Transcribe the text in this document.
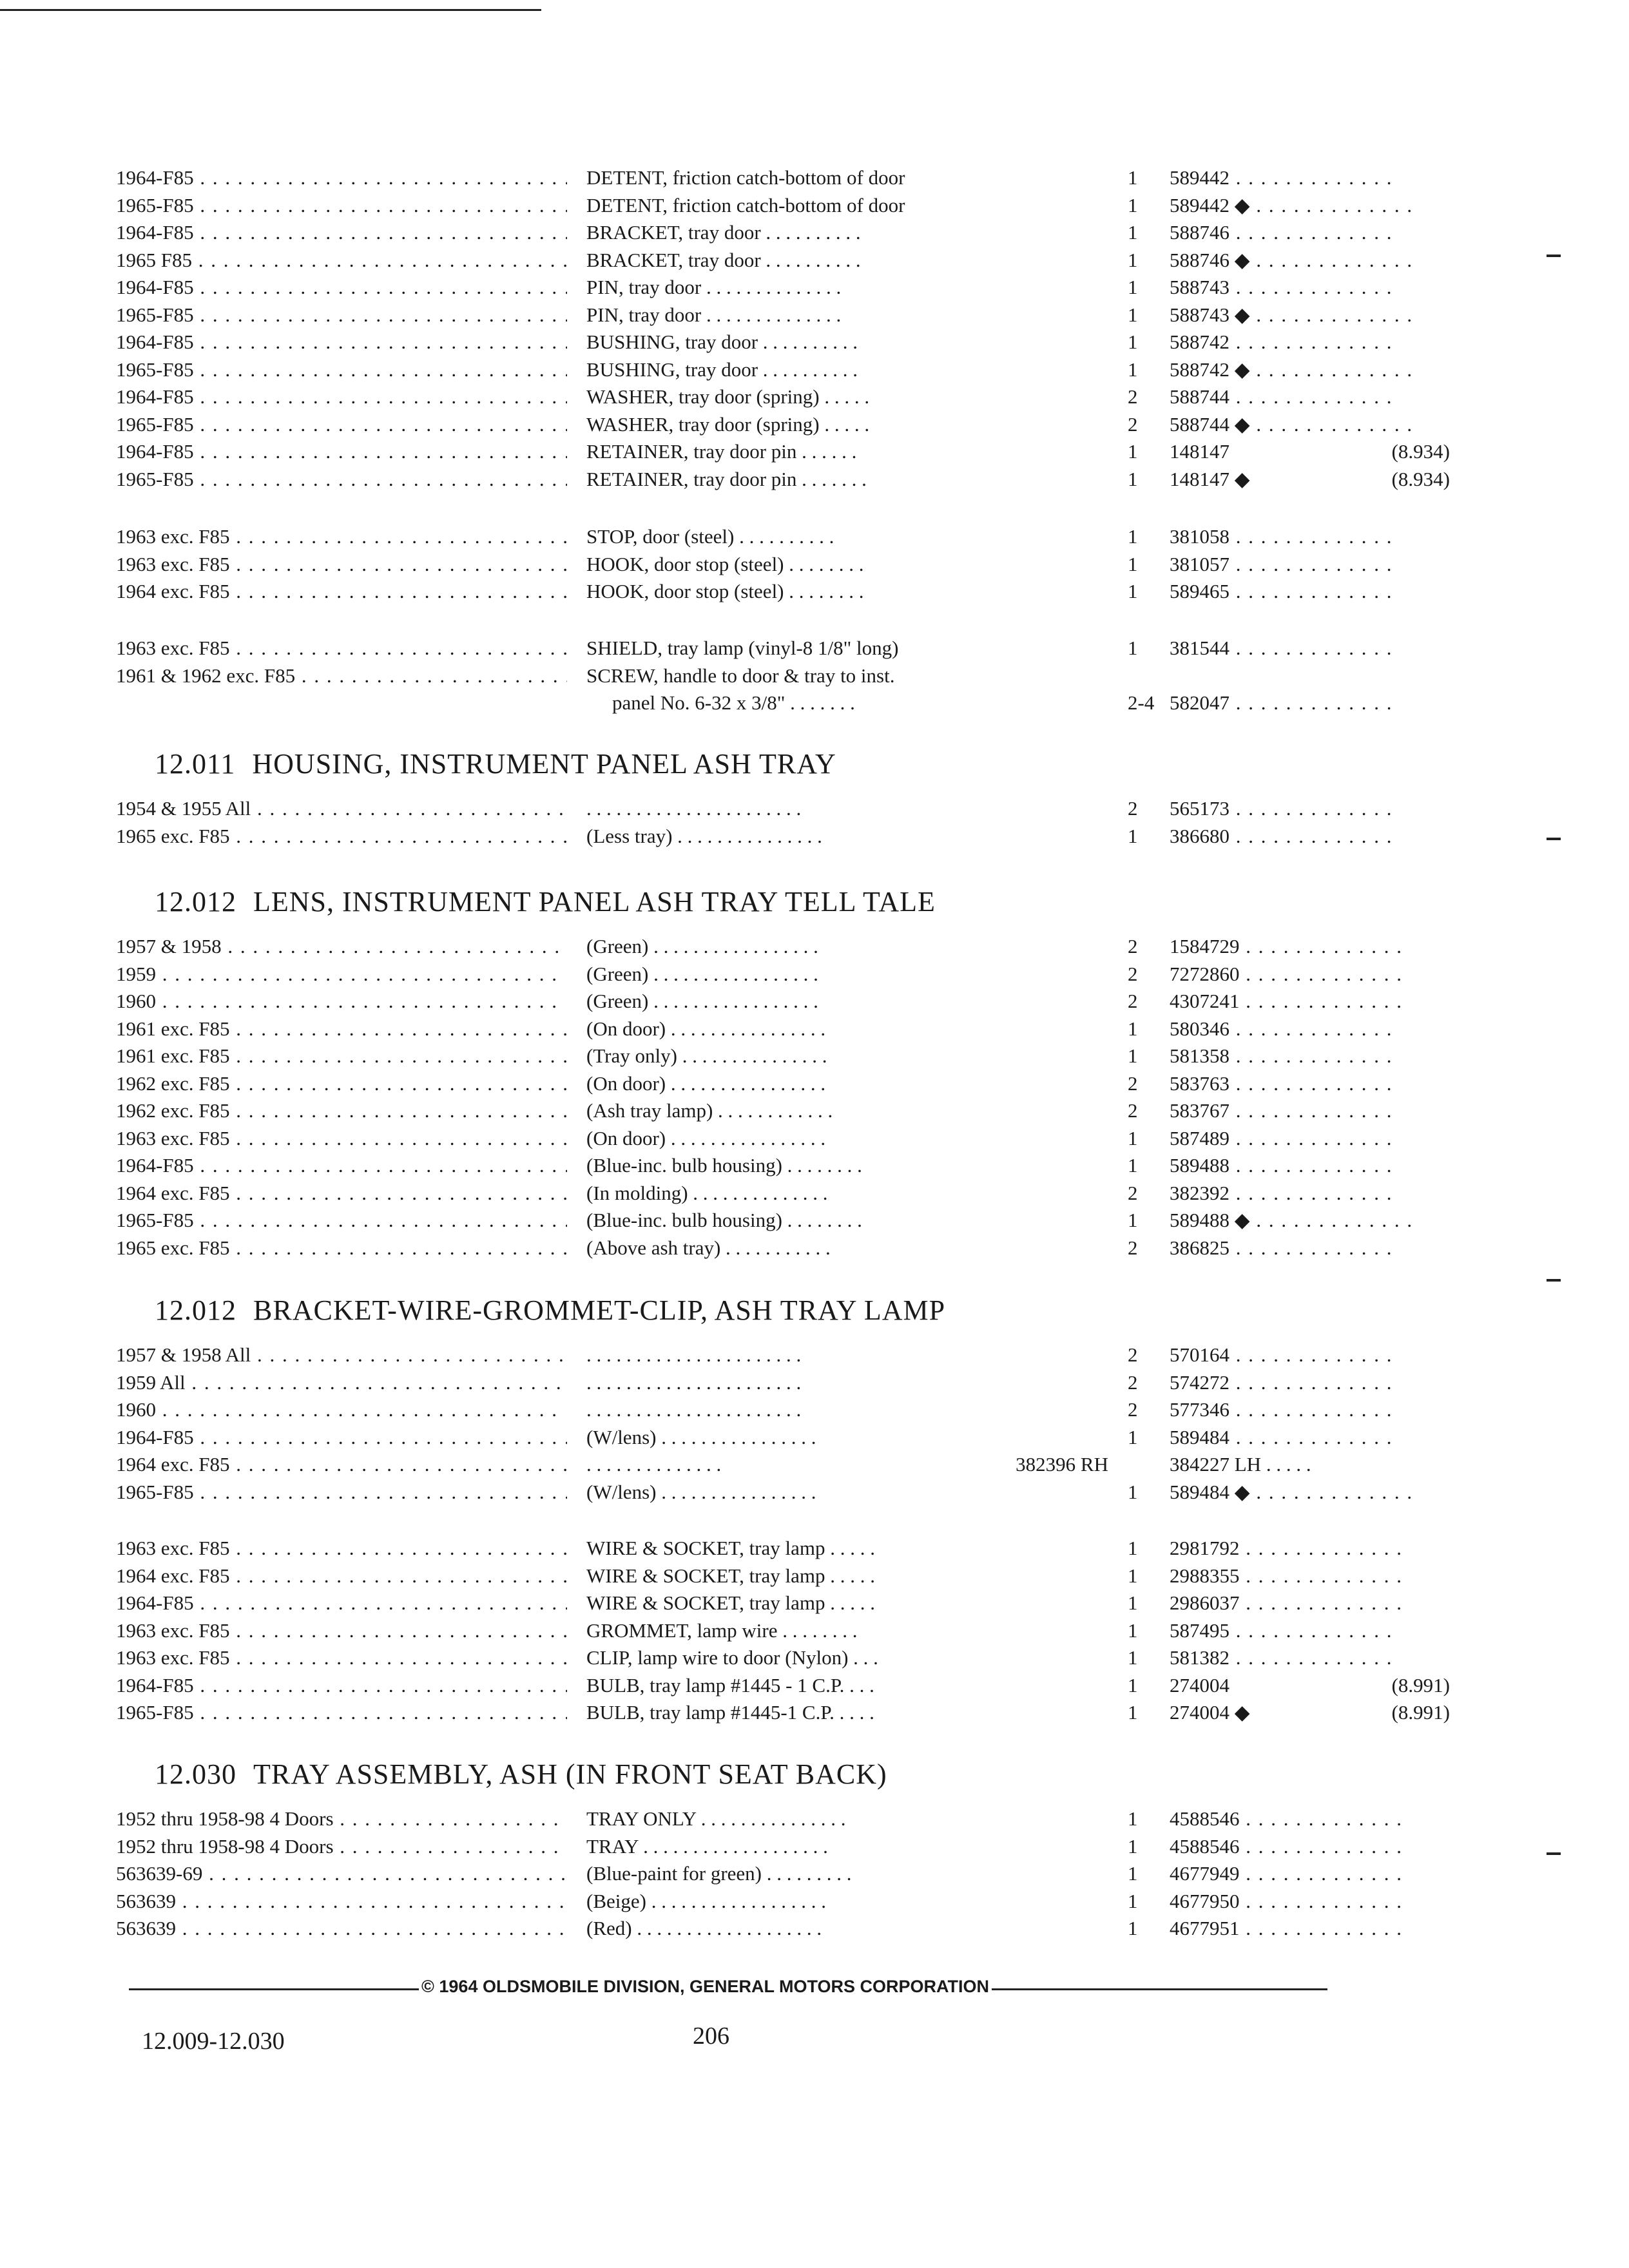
1964-F85 . . .	DETENT, friction catch-bottom of door	1	589442 . . .
1965-F85 . . .	DETENT, friction catch-bottom of door	1	589442 ◆ . . .
1964-F85 . . .	BRACKET, tray door . . . . . . . . . .	1	588746 . . .
1965 F85 . . .	BRACKET, tray door . . . . . . . . . .	1	588746 ◆ . . .
1964-F85 . . .	PIN, tray door . . . . . . . . . . . . . .	1	588743 . . .
1965-F85 . . .	PIN, tray door . . . . . . . . . . . . . .	1	588743 ◆ . . .
1964-F85 . . .	BUSHING, tray door . . . . . . . . . .	1	588742 . . .
1965-F85 . . .	BUSHING, tray door . . . . . . . . . .	1	588742 ◆ . . .
1964-F85 . . .	WASHER, tray door (spring) . . . . .	2	588744 . . .
1965-F85 . . .	WASHER, tray door (spring) . . . . .	2	588744 ◆ . . .
1964-F85 . . .	RETAINER, tray door pin . . . . . .	1	148147	(8.934)
1965-F85 . . .	RETAINER, tray door pin . . . . . . .	1	148147 ◆	(8.934)
1963 exc. F85 . . .	STOP, door (steel) . . . . . . . . . .	1	381058 . . .
1963 exc. F85 . . .	HOOK, door stop (steel) . . . . . . . .	1	381057 . . .
1964 exc. F85 . . .	HOOK, door stop (steel) . . . . . . . .	1	589465 . . .
1963 exc. F85 . . .	SHIELD, tray lamp (vinyl-8 1/8" long)	1	381544 . . .
1961 & 1962 exc. F85 . . .	SCREW, handle to door & tray to inst.
panel No. 6-32 x 3/8" . . . . . . .	2-4 582047 . . .
12.011 HOUSING, INSTRUMENT PANEL ASH TRAY
1954 & 1955 All . . .	. . . . . . . . . . . . . . . . . . . . . .	2	565173 . . .
1965 exc. F85 . . .	(Less tray) . . . . . . . . . . . . . . .	1	386680 . . .
12.012 LENS, INSTRUMENT PANEL ASH TRAY TELL TALE
1957 & 1958 . . .	(Green) . . . . . . . . . . . . . . . . .	2	1584729 . . .
1959 . . .	(Green) . . . . . . . . . . . . . . . . .	2	7272860 . . .
1960 . . .	(Green) . . . . . . . . . . . . . . . . .	2	4307241 . . .
1961 exc. F85 . . .	(On door) . . . . . . . . . . . . . . . .	1	580346 . . .
1961 exc. F85 . . .	(Tray only) . . . . . . . . . . . . . . .	1	581358 . . .
1962 exc. F85 . . .	(On door) . . . . . . . . . . . . . . . .	2	583763 . . .
1962 exc. F85 . . .	(Ash tray lamp) . . . . . . . . . . . .	2	583767 . . .
1963 exc. F85 . . .	(On door) . . . . . . . . . . . . . . . .	1	587489 . . .
1964-F85 . . .	(Blue-inc. bulb housing) . . . . . . . .	1	589488 . . .
1964 exc. F85 . . .	(In molding) . . . . . . . . . . . . . .	2	382392 . . .
1965-F85 . . .	(Blue-inc. bulb housing) . . . . . . . .	1	589488 ◆ . . .
1965 exc. F85 . . .	(Above ash tray) . . . . . . . . . . .	2	386825 . . .
12.012 BRACKET-WIRE-GROMMET-CLIP, ASH TRAY LAMP
1957 & 1958 All . . .	. . . . . . . . . . . . . . . . . . . . . .	2	570164 . . .
1959 All . . .	. . . . . . . . . . . . . . . . . . . . . .	2	574272 . . .
1960 . . .	. . . . . . . . . . . . . . . . . . . . . .	2	577346 . . .
1964-F85 . . .	(W/lens) . . . . . . . . . . . . . . . .	1	589484 . . .
1964 exc. F85 . . .	. . . . . . . . . . . . . .	382396 RH	384227 LH . . . . .
1965-F85 . . .	(W/lens) . . . . . . . . . . . . . . . .	1	589484 ◆ . . .
1963 exc. F85 . . .	WIRE & SOCKET, tray lamp . . . . .	1	2981792 . . .
1964 exc. F85 . . .	WIRE & SOCKET, tray lamp . . . . .	1	2988355 . . .
1964-F85 . . .	WIRE & SOCKET, tray lamp . . . . .	1	2986037 . . .
1963 exc. F85 . . .	GROMMET, lamp wire . . . . . . . .	1	587495 . . .
1963 exc. F85 . . .	CLIP, lamp wire to door (Nylon) . . .	1	581382 . . .
1964-F85 . . .	BULB, tray lamp #1445 - 1 C.P. . . .	1	274004	(8.991)
1965-F85 . . .	BULB, tray lamp #1445-1 C.P. . . . .	1	274004 ◆	(8.991)
12.030 TRAY ASSEMBLY, ASH (IN FRONT SEAT BACK)
1952 thru 1958-98 4 Doors . . .	TRAY ONLY . . . . . . . . . . . . . . .	1	4588546 . . .
1952 thru 1958-98 4 Doors . . .	TRAY . . . . . . . . . . . . . . . . . . .	1	4588546 . . .
563639-69 . . .	(Blue-paint for green) . . . . . . . . .	1	4677949 . . .
563639 . . .	(Beige) . . . . . . . . . . . . . . . . . .	1	4677950 . . .
563639 . . .	(Red) . . . . . . . . . . . . . . . . . . .	1	4677951 . . .
© 1964 OLDSMOBILE DIVISION, GENERAL MOTORS CORPORATION
12.009-12.030	206
